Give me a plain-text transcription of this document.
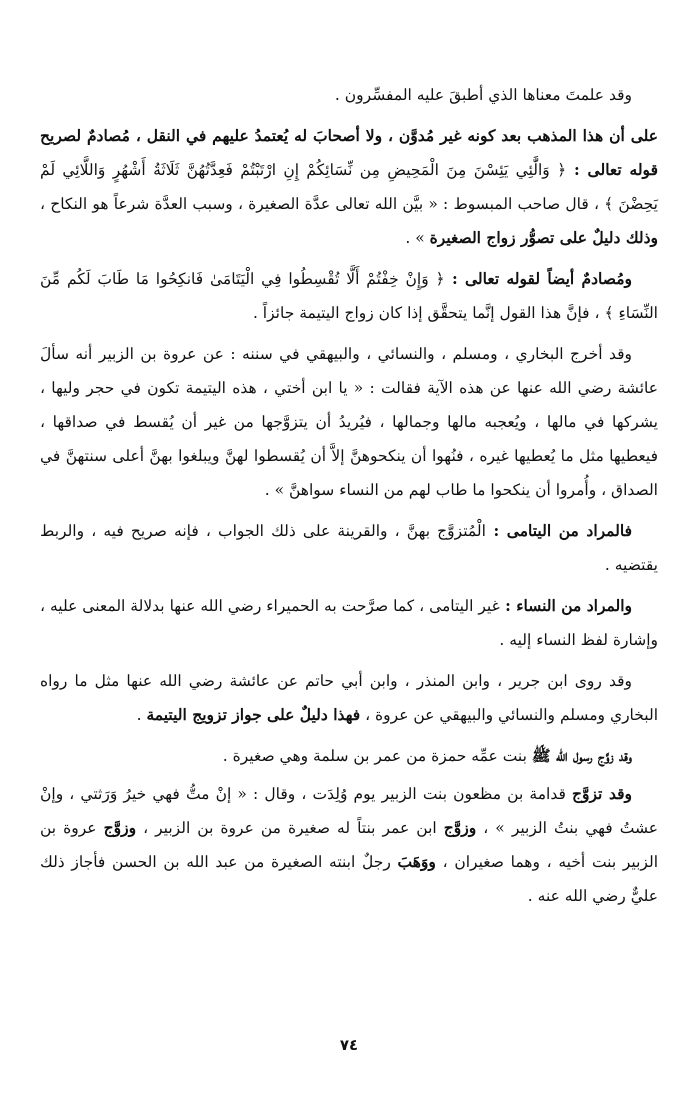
وقد علمتَ معناها الذي أطبقَ عليه المفسِّرون .

على أن هذا المذهب بعد كونه غير مُدوَّن ، ولا أصحابَ له يُعتمدُ عليهم في النقل ، مُصادمٌ لصريح قوله تعالى : ﴿ وَالَّٰئِي يَئِسْنَ مِنَ الْمَحِيضِ مِن نِّسَائِكُمْ إِنِ ارْتَبْتُمْ فَعِدَّتُهُنَّ ثَلَاثَةُ أَشْهُرٍ وَاللَّائِي لَمْ يَحِضْنَ ﴾ ، قال صاحب المبسوط : « بيَّن الله تعالى عدَّة الصغيرة ، وسبب العدَّة شرعاً هو النكاح ، وذلك دليلٌ على تصوُّر زواج الصغيرة » .

ومُصادمٌ أيضاً لقوله تعالى : ﴿ وَإِنْ خِفْتُمْ أَلَّا تُقْسِطُوا فِي الْيَتَامَىٰ فَانكِحُوا مَا طَابَ لَكُم مِّنَ النِّسَاءِ ﴾ ، فإنَّ هذا القول إنَّما يتحقَّق إذا كان زواج اليتيمة جائزاً .

وقد أخرج البخاري ، ومسلم ، والنسائي ، والبيهقي في سننه : عن عروة بن الزبير أنه سألَ عائشة رضي الله عنها عن هذه الآية فقالت : « يا ابن أختي ، هذه اليتيمة تكون في حجر وليها ، يشركها في مالها ، ويُعجبه مالها وجمالها ، فيُريدُ أن يتزوَّجها من غير أن يُقسط في صداقها ، فيعطيها مثل ما يُعطيها غيره ، فنُهوا أن ينكحوهنَّ إلاَّ أن يُقسطوا لهنَّ ويبلغوا بهنَّ أعلى سنتهنَّ في الصداق ، وأُمروا أن ينكحوا ما طاب لهم من النساء سواهنَّ » .

فالمراد من اليتامى : الْمُتزوَّج بهنَّ ، والقرينة على ذلك الجواب ، فإنه صريح فيه ، والربط يقتضيه .

والمراد من النساء : غير اليتامى ، كما صرَّحت به الحميراء رضي الله عنها بدلالة المعنى عليه ، وإشارة لفظ النساء إليه .

وقد روى ابن جرير ، وابن المنذر ، وابن أبي حاتم عن عائشة رضي الله عنها مثل ما رواه البخاري ومسلم والنسائي والبيهقي عن عروة ، فهذا دليلٌ على جواز تزويج اليتيمة .

وقد زوَّج رسول الله ﷺ بنت عمِّه حمزة من عمر بن سلمة وهي صغيرة .

وقد تزوَّج قدامة بن مظعون بنت الزبير يوم وُلِدَت ، وقال : « إنْ متُّ فهي خيرُ وَرَثتي ، وإنْ عشتُ فهي بنتُ الزبير » ، وزوَّج ابن عمر بنتاً له صغيرة من عروة بن الزبير ، وزوَّج عروة بن الزبير بنت أخيه ، وهما صغيران ، ووَهَبَ رجلٌ ابنته الصغيرة من عبد الله بن الحسن فأجاز ذلك عليٌّ رضي الله عنه .

٧٤
